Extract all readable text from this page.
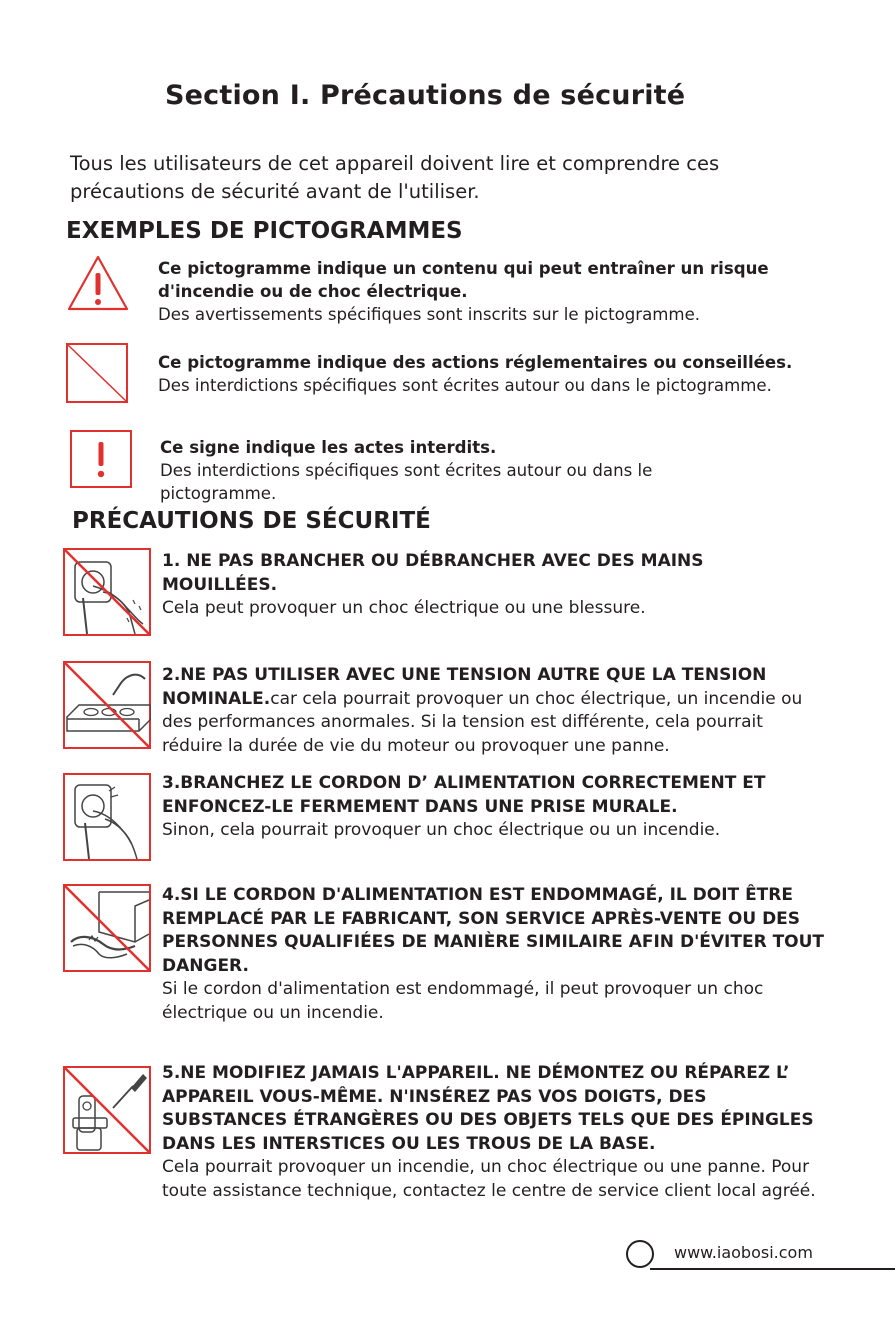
Section I. Précautions de sécurité

Tous les utilisateurs de cet appareil doivent lire et comprendre ces précautions de sécurité avant de l'utiliser.

EXEMPLES DE PICTOGRAMMES
Ce pictogramme indique un contenu qui peut entraîner un risque d'incendie ou de choc électrique.
Des avertissements spécifiques sont inscrits sur le pictogramme.
Ce pictogramme indique des actions réglementaires ou conseillées.
Des interdictions spécifiques sont écrites autour ou dans le pictogramme.
Ce signe indique les actes interdits.
Des interdictions spécifiques sont écrites autour ou dans le pictogramme.
PRÉCAUTIONS DE SÉCURITÉ
1. NE PAS BRANCHER OU DÉBRANCHER AVEC DES MAINS MOUILLÉES.
Cela peut provoquer un choc électrique ou une blessure.
2.NE PAS UTILISER AVEC UNE TENSION AUTRE QUE LA TENSION NOMINALE.car cela pourrait provoquer un choc électrique, un incendie ou des performances anormales. Si la tension est différente, cela pourrait réduire la durée de vie du moteur ou provoquer une panne.
3.BRANCHEZ LE CORDON D’ ALIMENTATION CORRECTEMENT ET ENFONCEZ-LE FERMEMENT DANS UNE PRISE MURALE.
Sinon, cela pourrait provoquer un choc électrique ou un incendie.
4.SI LE CORDON D'ALIMENTATION EST ENDOMMAGÉ, IL DOIT ÊTRE REMPLACÉ PAR LE FABRICANT, SON SERVICE APRÈS-VENTE OU DES PERSONNES QUALIFIÉES DE MANIÈRE SIMILAIRE AFIN D'ÉVITER TOUT DANGER.
Si le cordon d'alimentation est endommagé, il peut provoquer un choc électrique ou un incendie.
5.NE MODIFIEZ JAMAIS L'APPAREIL. NE DÉMONTEZ OU RÉPAREZ L’ APPAREIL VOUS-MÊME. N'INSÉREZ PAS VOS DOIGTS, DES SUBSTANCES ÉTRANGÈRES OU DES OBJETS TELS QUE DES ÉPINGLES DANS LES INTERSTICES OU LES TROUS DE LA BASE.
Cela pourrait provoquer un incendie, un choc électrique ou une panne. Pour toute assistance technique, contactez le centre de service client local agréé.
www.iaobosi.com
